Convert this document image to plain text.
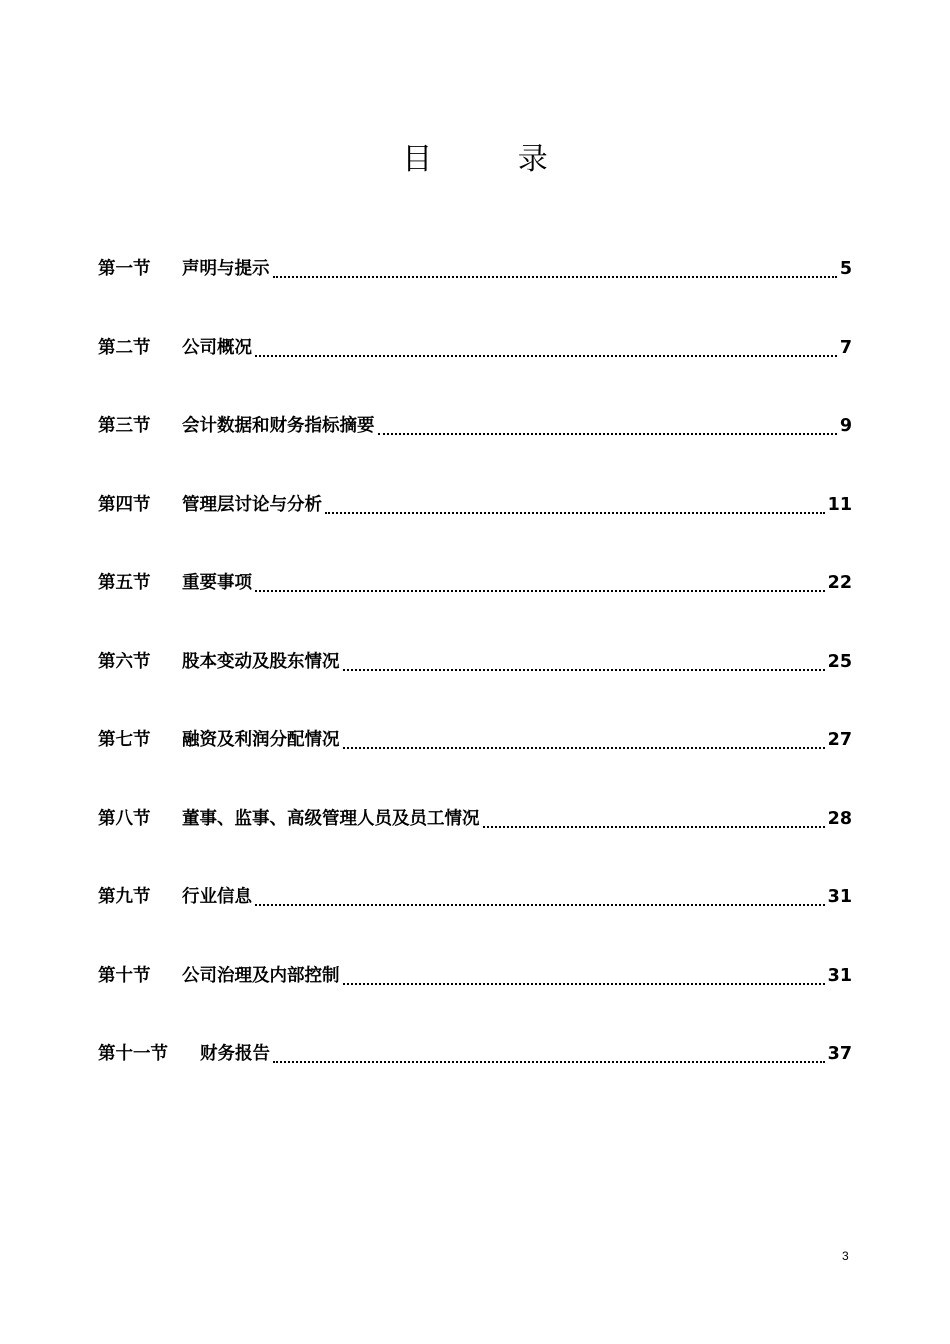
目 录
第一节	声明与提示	5
第二节	公司概况	7
第三节	会计数据和财务指标摘要	9
第四节	管理层讨论与分析	11
第五节	重要事项	22
第六节	股本变动及股东情况	25
第七节	融资及利润分配情况	27
第八节	董事、监事、高级管理人员及员工情况	28
第九节	行业信息	31
第十节	公司治理及内部控制	31
第十一节	财务报告	37
3
